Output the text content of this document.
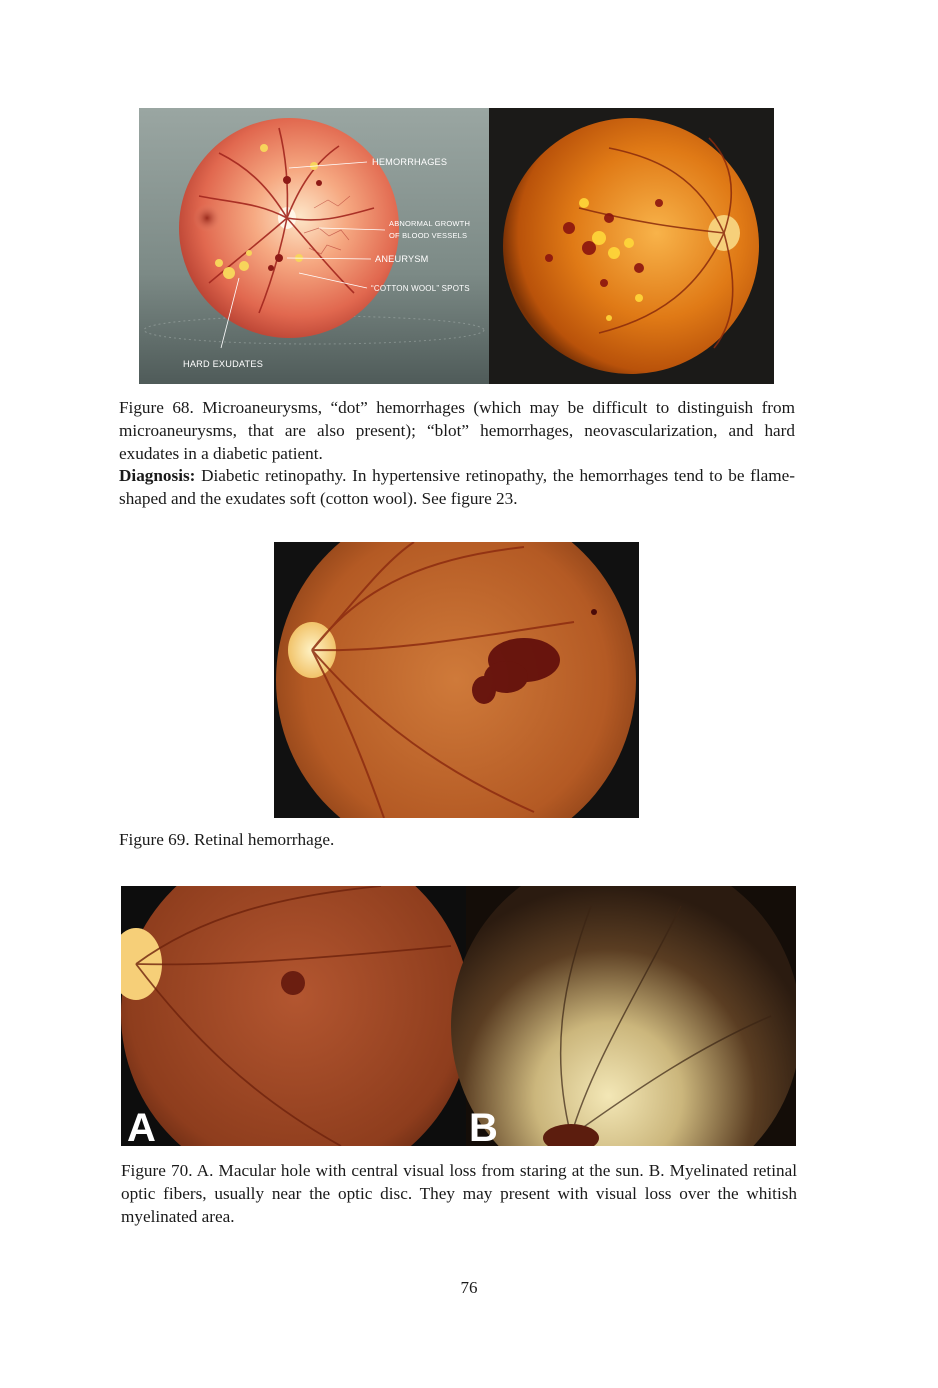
HEMORRHAGES
ABNORMAL GROWTH
OF BLOOD VESSELS
ANEURYSM
“COTTON WOOL” SPOTS
HARD EXUDATES
Figure 68. Microaneurysms, “dot” hemorrhages (which may be difficult to distinguish from microaneurysms, that are also present); “blot” hemorrhages, neovascularization, and hard exudates in a diabetic patient.
Diagnosis: Diabetic retinopathy. In hypertensive retinopathy, the hemorrhages tend to be flame-shaped and the exudates soft (cotton wool). See figure 23.
Figure 69. Retinal hemorrhage.
A	B
Figure 70. A. Macular hole with central visual loss from staring at the sun. B. Myelinated retinal optic fibers, usually near the optic disc. They may present with visual loss over the whitish myelinated area.
76
